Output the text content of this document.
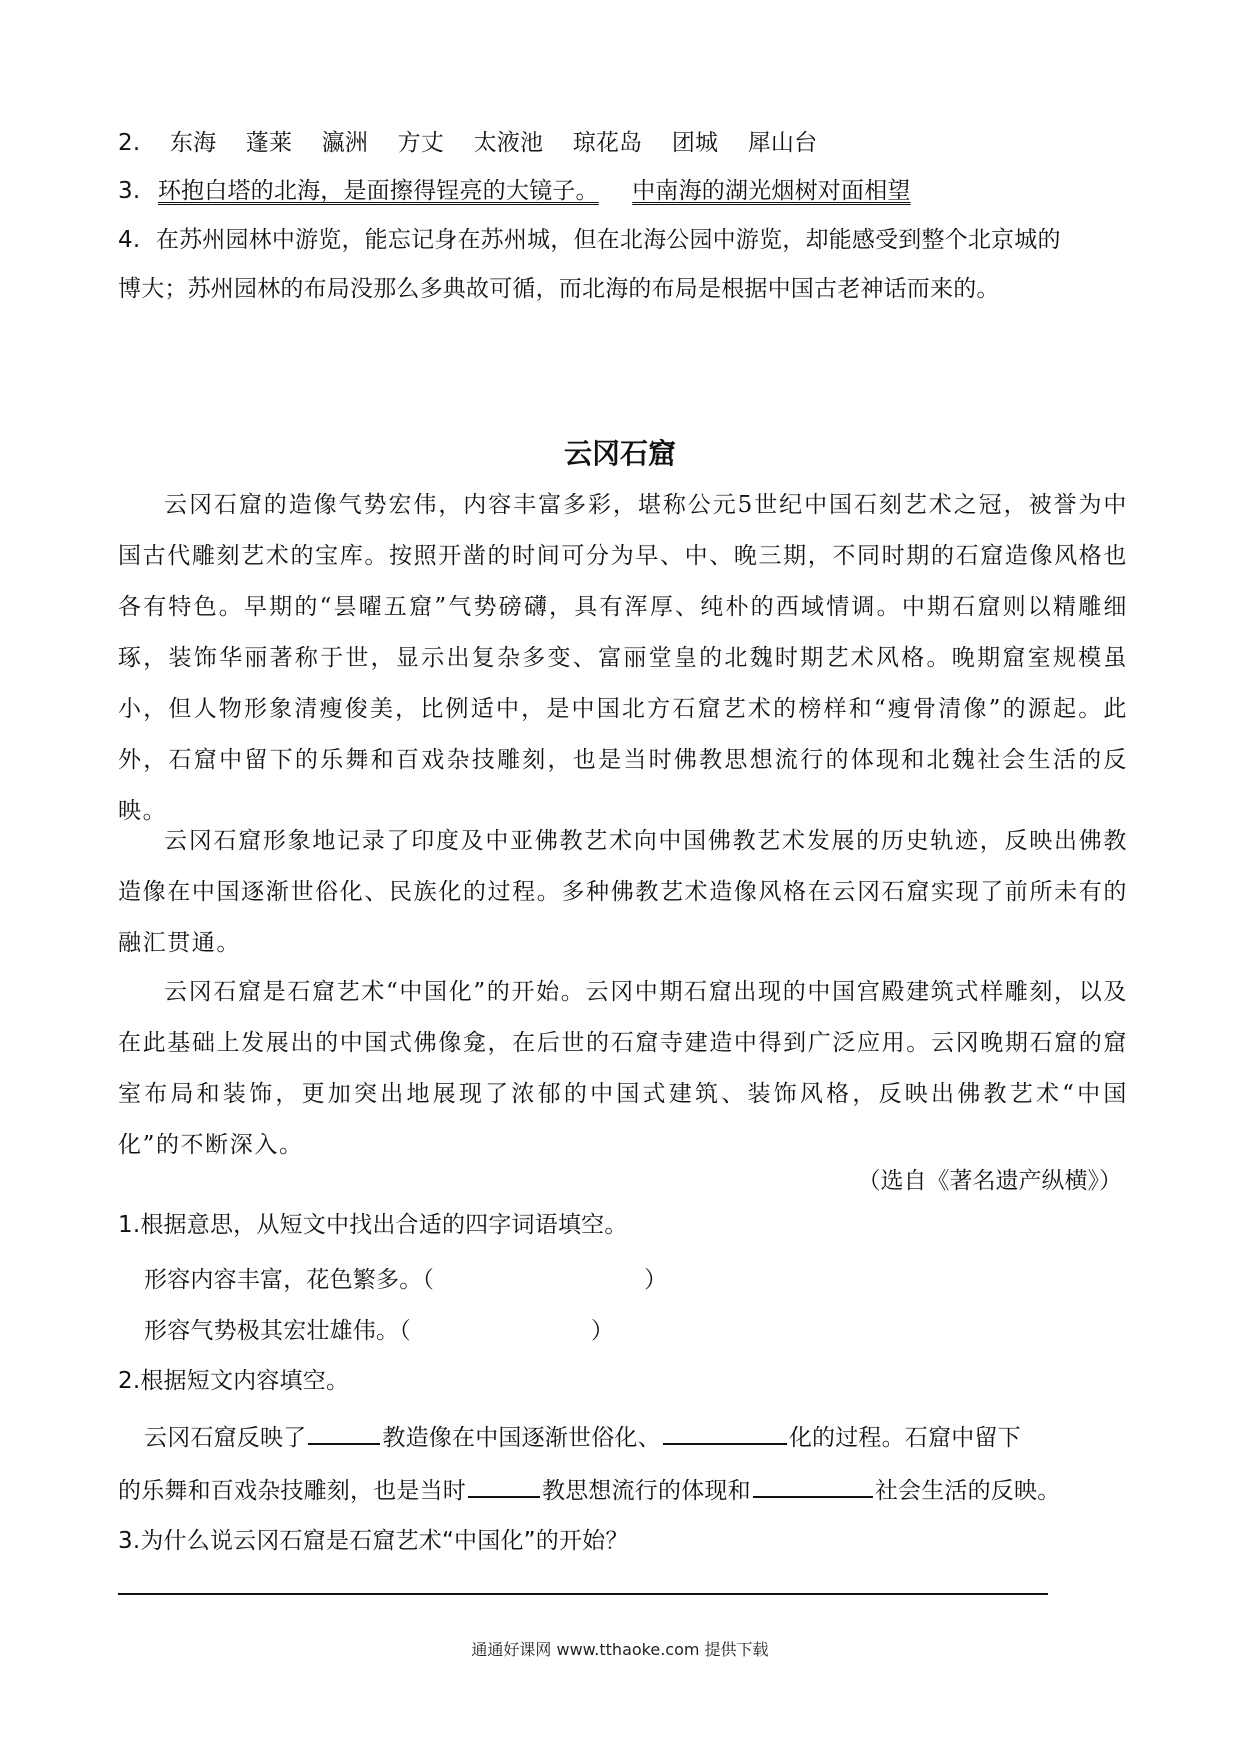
2. 东海 蓬莱 瀛洲 方丈 太液池 琼花岛 团城 犀山台
3. 环抱白塔的北海，是面擦得锃亮的大镜子。 中南海的湖光烟树对面相望
4. 在苏州园林中游览，能忘记身在苏州城，但在北海公园中游览，却能感受到整个北京城的
博大；苏州园林的布局没那么多典故可循，而北海的布局是根据中国古老神话而来的。
云冈石窟
云冈石窟的造像气势宏伟，内容丰富多彩，堪称公元5世纪中国石刻艺术之冠，被誉为中国古代雕刻艺术的宝库。按照开凿的时间可分为早、中、晚三期，不同时期的石窟造像风格也各有特色。早期的“昙曜五窟”气势磅礴，具有浑厚、纯朴的西域情调。中期石窟则以精雕细琢，装饰华丽著称于世，显示出复杂多变、富丽堂皇的北魏时期艺术风格。晚期窟室规模虽小，但人物形象清瘦俊美，比例适中，是中国北方石窟艺术的榜样和“瘦骨清像”的源起。此外，石窟中留下的乐舞和百戏杂技雕刻，也是当时佛教思想流行的体现和北魏社会生活的反映。
云冈石窟形象地记录了印度及中亚佛教艺术向中国佛教艺术发展的历史轨迹，反映出佛教造像在中国逐渐世俗化、民族化的过程。多种佛教艺术造像风格在云冈石窟实现了前所未有的融汇贯通。
云冈石窟是石窟艺术“中国化”的开始。云冈中期石窟出现的中国宫殿建筑式样雕刻，以及在此基础上发展出的中国式佛像龛，在后世的石窟寺建造中得到广泛应用。云冈晚期石窟的窟室布局和装饰，更加突出地展现了浓郁的中国式建筑、装饰风格，反映出佛教艺术“中国化”的不断深入。
（选自《著名遗产纵横》）
1.根据意思，从短文中找出合适的四字词语填空。
形容内容丰富，花色繁多。（	）
形容气势极其宏壮雄伟。（	）
2.根据短文内容填空。
云冈石窟反映了	教造像在中国逐渐世俗化、	化的过程。石窟中留下
的乐舞和百戏杂技雕刻，也是当时	教思想流行的体现和	社会生活的反映。
3.为什么说云冈石窟是石窟艺术“中国化”的开始？
通通好课网 www.tthaoke.com 提供下载
